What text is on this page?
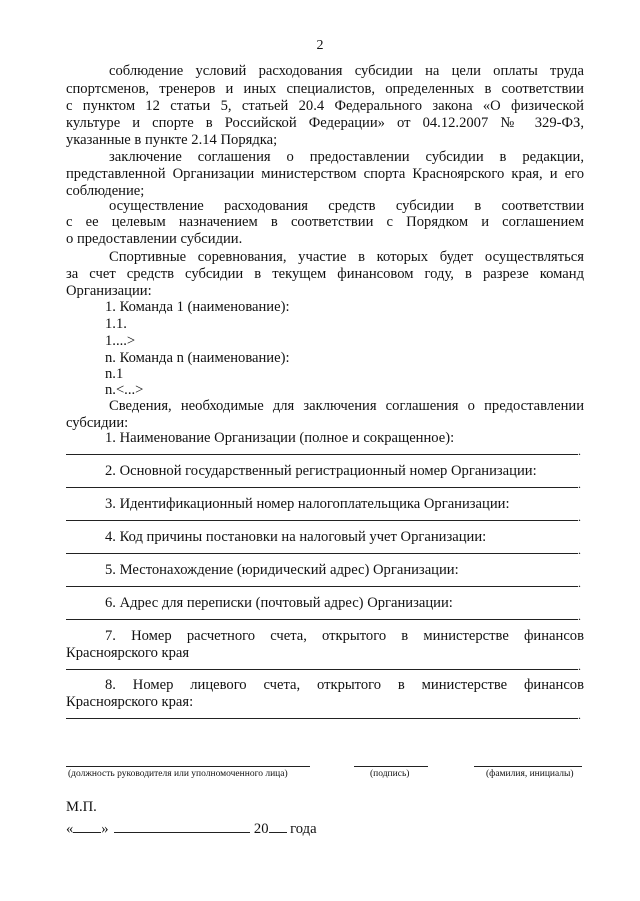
2
соблюдение условий расходования субсидии на цели оплаты труда
спортсменов, тренеров и иных специалистов, определенных в соответствии
с пунктом 12 статьи 5, статьей 20.4 Федерального закона «О физической
культуре и спорте в Российской Федерации» от 04.12.2007 № 329-ФЗ,
указанные в пункте 2.14 Порядка;
заключение соглашения о предоставлении субсидии в редакции,
представленной Организации министерством спорта Красноярского края, и его
соблюдение;
осуществление расходования средств субсидии в соответствии
с ее целевым назначением в соответствии с Порядком и соглашением
о предоставлении субсидии.
Спортивные соревнования, участие в которых будет осуществляться
за счет средств субсидии в текущем финансовом году, в разрезе команд
Организации:
1. Команда 1 (наименование):
1.1.
1....>
n. Команда n (наименование):
n.1
n.<...>
Сведения, необходимые для заключения соглашения о предоставлении
субсидии:
1. Наименование Организации (полное и сокращенное):
.
2. Основной государственный регистрационный номер Организации:
.
3. Идентификационный номер налогоплательщика Организации:
.
4. Код причины постановки на налоговый учет Организации:
.
5. Местонахождение (юридический адрес) Организации:
.
6. Адрес для переписки (почтовый адрес) Организации:
.
7. Номер расчетного счета, открытого в министерстве финансов
Красноярского края
.
8. Номер лицевого счета, открытого в министерстве финансов
Красноярского края:
.
(должность руководителя или уполномоченного лица)	(подпись)	(фамилия, инициалы)
М.П.
« »	20 года
